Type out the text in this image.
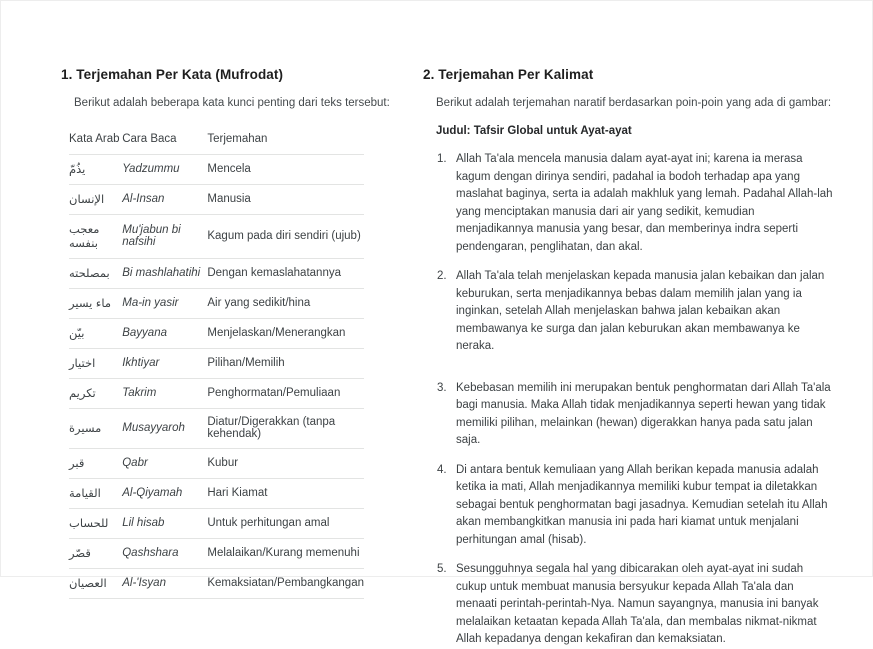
1. Terjemahan Per Kata (Mufrodat)

Berikut adalah beberapa kata kunci penting dari teks tersebut:

Kata Arab	Cara Baca	Terjemahan
يذُمّ	Yadzummu	Mencela
الإنسان	Al-Insan	Manusia
معجب بنفسه	Mu'jabun bi nafsihi	Kagum pada diri sendiri (ujub)
بمصلحته	Bi mashlahatihi	Dengan kemaslahatannya
ماء يسير	Ma-in yasir	Air yang sedikit/hina
بيّن	Bayyana	Menjelaskan/Menerangkan
اختيار	Ikhtiyar	Pilihan/Memilih
تكريم	Takrim	Penghormatan/Pemuliaan
مسيرة	Musayyaroh	Diatur/Digerakkan (tanpa kehendak)
قبر	Qabr	Kubur
القيامة	Al-Qiyamah	Hari Kiamat
للحساب	Lil hisab	Untuk perhitungan amal
قصّر	Qashshara	Melalaikan/Kurang memenuhi
العصيان	Al-'Isyan	Kemaksiatan/Pembangkangan
2. Terjemahan Per Kalimat

Berikut adalah terjemahan naratif berdasarkan poin-poin yang ada di gambar:

Judul: Tafsir Global untuk Ayat-ayat

1. Allah Ta'ala mencela manusia dalam ayat-ayat ini; karena ia merasa kagum dengan dirinya sendiri, padahal ia bodoh terhadap apa yang maslahat baginya, serta ia adalah makhluk yang lemah. Padahal Allah-lah yang menciptakan manusia dari air yang sedikit, kemudian menjadikannya manusia yang besar, dan memberinya indra seperti pendengaran, penglihatan, dan akal.
2. Allah Ta'ala telah menjelaskan kepada manusia jalan kebaikan dan jalan keburukan, serta menjadikannya bebas dalam memilih jalan yang ia inginkan, setelah Allah menjelaskan bahwa jalan kebaikan akan membawanya ke surga dan jalan keburukan akan membawanya ke neraka.
3. Kebebasan memilih ini merupakan bentuk penghormatan dari Allah Ta'ala bagi manusia. Maka Allah tidak menjadikannya seperti hewan yang tidak memiliki pilihan, melainkan (hewan) digerakkan hanya pada satu jalan saja.
4. Di antara bentuk kemuliaan yang Allah berikan kepada manusia adalah ketika ia mati, Allah menjadikannya memiliki kubur tempat ia diletakkan sebagai bentuk penghormatan bagi jasadnya. Kemudian setelah itu Allah akan membangkitkan manusia ini pada hari kiamat untuk menjalani perhitungan amal (hisab).
5. Sesungguhnya segala hal yang dibicarakan oleh ayat-ayat ini sudah cukup untuk membuat manusia bersyukur kepada Allah Ta'ala dan menaati perintah-perintah-Nya. Namun sayangnya, manusia ini banyak melalaikan ketaatan kepada Allah Ta'ala, dan membalas nikmat-nikmat Allah kepadanya dengan kekafiran dan kemaksiatan.
